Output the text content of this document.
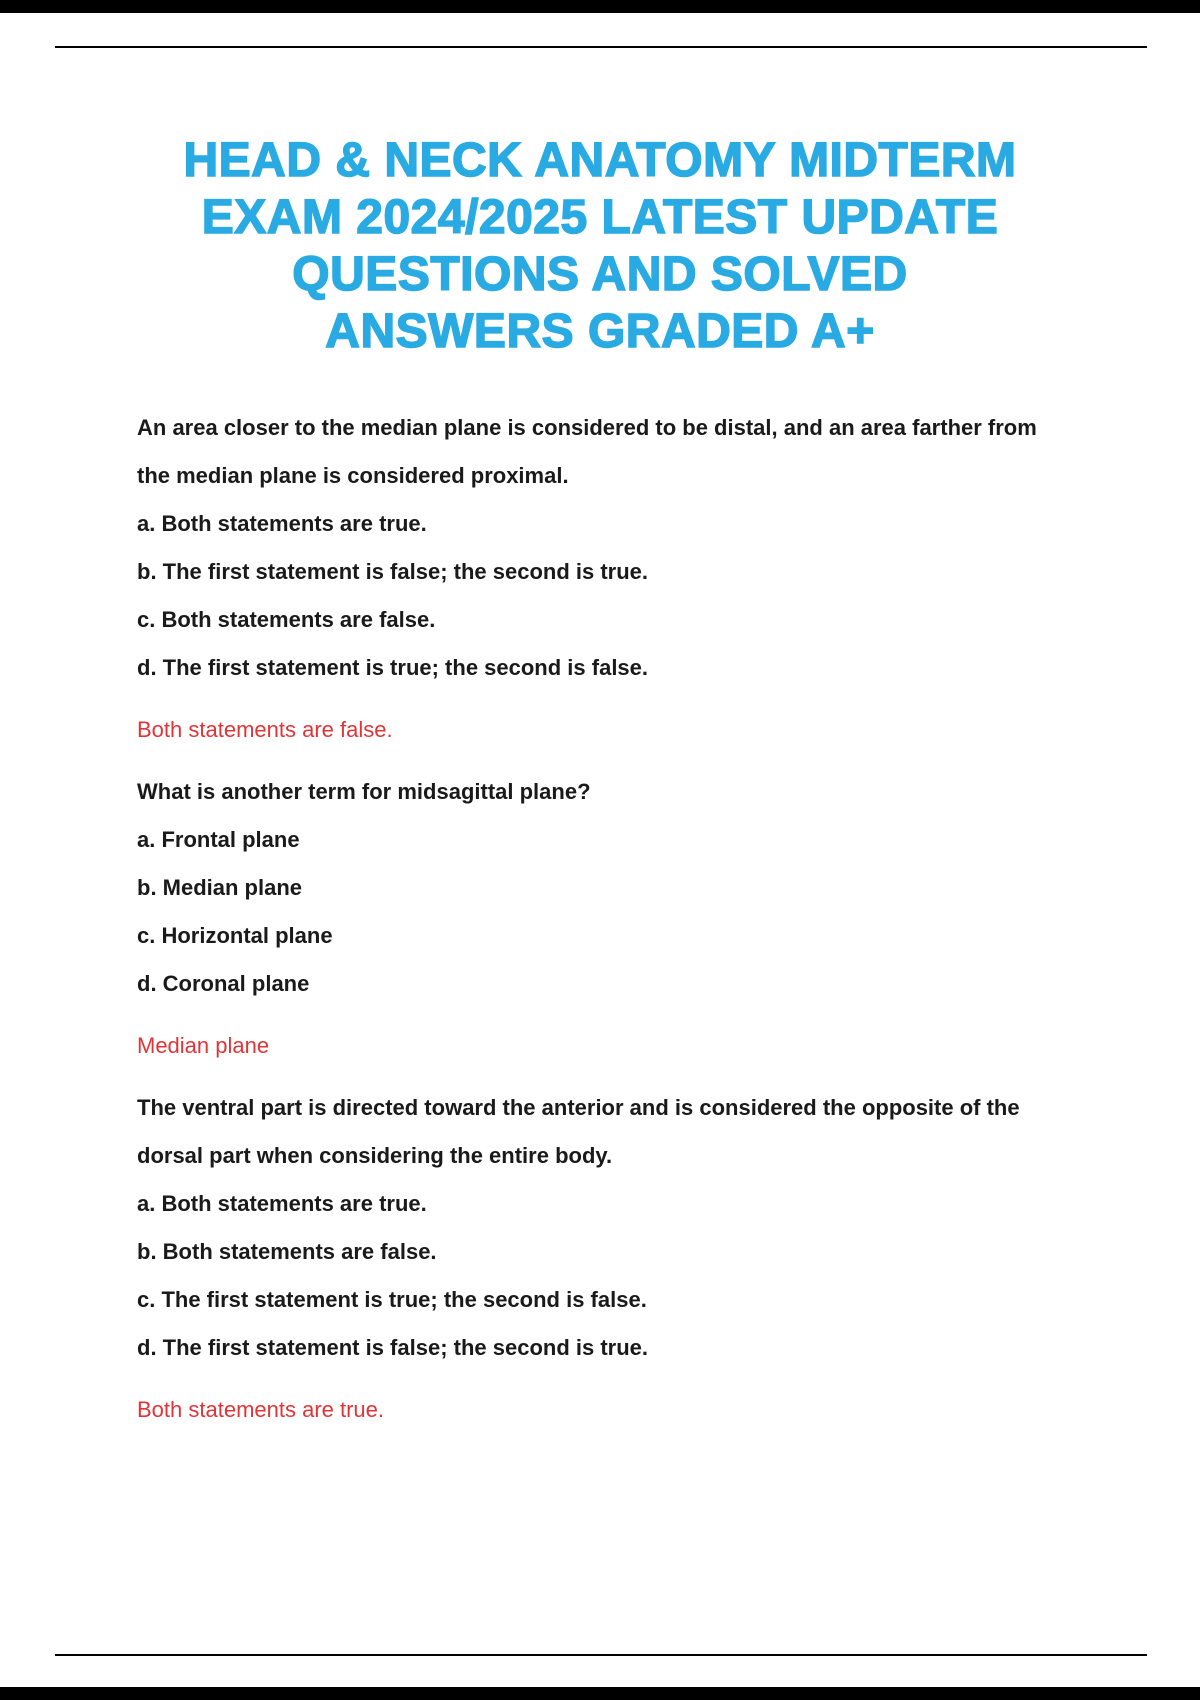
HEAD & NECK ANATOMY MIDTERM
EXAM 2024/2025 LATEST UPDATE
QUESTIONS AND SOLVED
ANSWERS GRADED A+

An area closer to the median plane is considered to be distal, and an area farther from the median plane is considered proximal.

a. Both statements are true.

b. The first statement is false; the second is true.

c. Both statements are false.

d. The first statement is true; the second is false.

Both statements are false.

What is another term for midsagittal plane?

a. Frontal plane

b. Median plane

c. Horizontal plane

d. Coronal plane

Median plane

The ventral part is directed toward the anterior and is considered the opposite of the dorsal part when considering the entire body.

a. Both statements are true.

b. Both statements are false.

c. The first statement is true; the second is false.

d. The first statement is false; the second is true.

Both statements are true.
